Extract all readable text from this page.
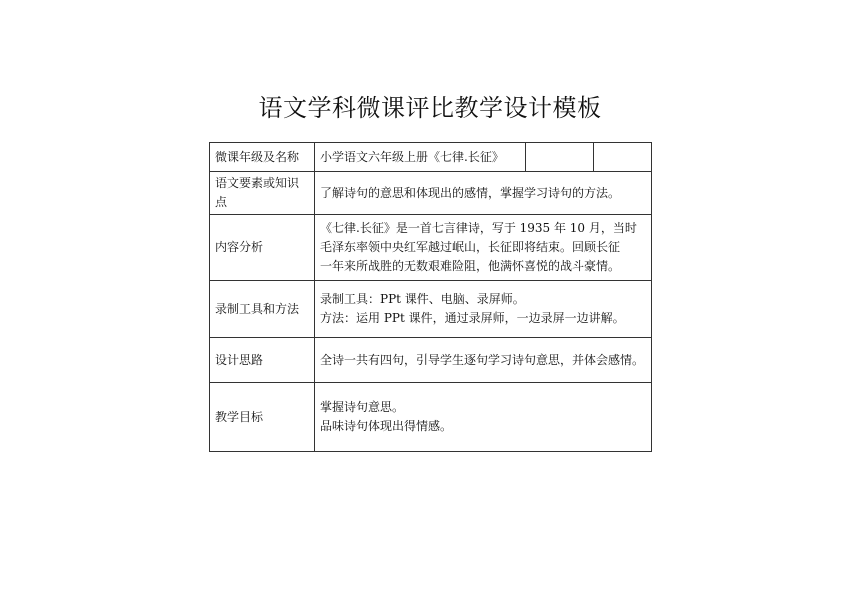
语文学科微课评比教学设计模板
微课年级及名称	小学语文六年级上册《七律.长征》		
语文要素或知识点	了解诗句的意思和体现出的感情，掌握学习诗句的方法。		
内容分析	《七律.长征》是一首七言律诗，写于 1935 年 10 月，当时
毛泽东率领中央红军越过岷山，长征即将结束。回顾长征
一年来所战胜的无数艰难险阻，他满怀喜悦的战斗豪情。		

录制工具和方法	录制工具：PPt 课件、电脑、录屏师。
方法：运用 PPt 课件，通过录屏师，一边录屏一边讲解。		

设计思路	全诗一共有四句，引导学生逐句学习诗句意思，并体会感情。		
教学目标	掌握诗句意思。
品味诗句体现出得情感。		
